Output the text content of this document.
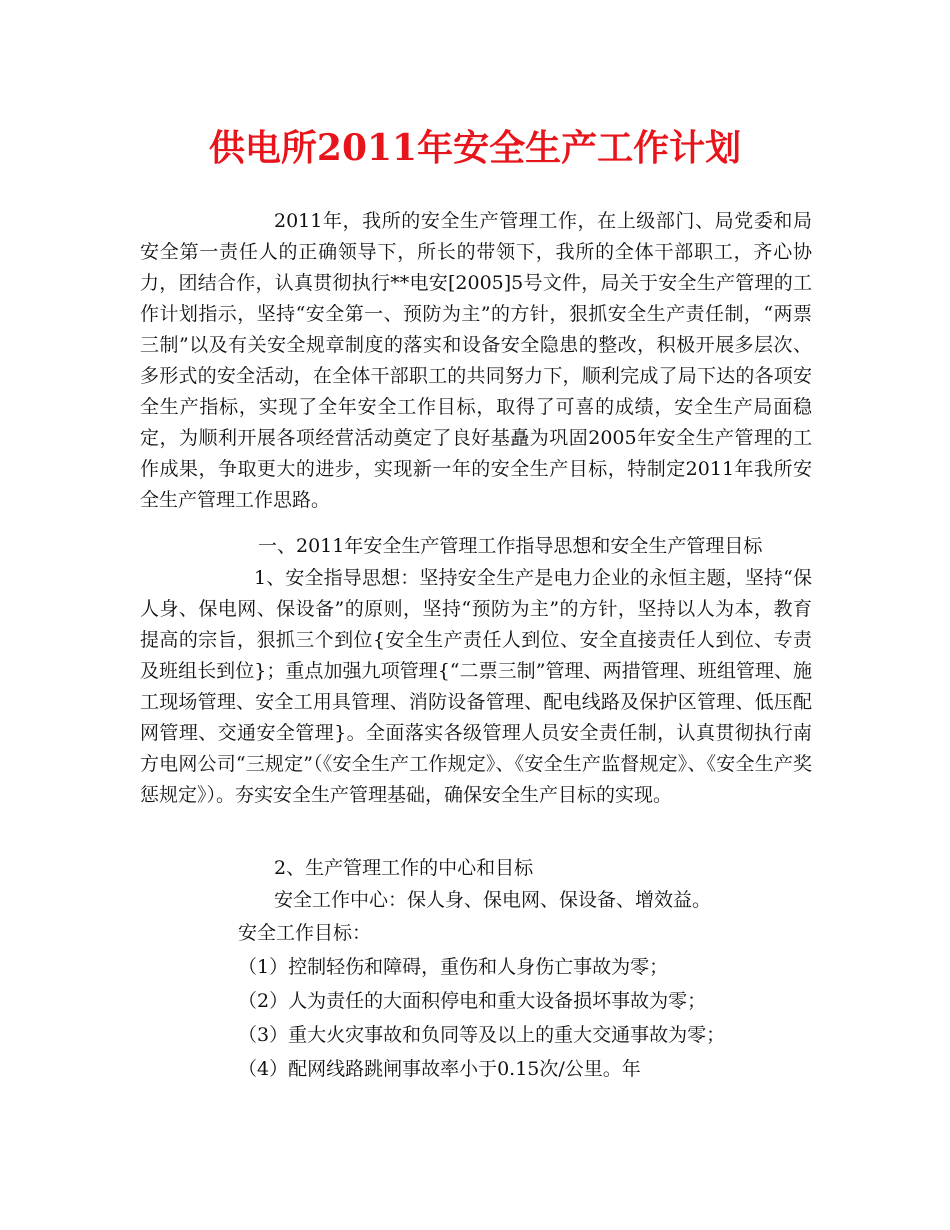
供电所2011年安全生产工作计划

2011年，我所的安全生产管理工作，在上级部门、局党委和局安全第一责任人的正确领导下，所长的带领下，我所的全体干部职工，齐心协力，团结合作，认真贯彻执行**电安[2005]5号文件，局关于安全生产管理的工作计划指示，坚持“安全第一、预防为主”的方针，狠抓安全生产责任制，“两票三制”以及有关安全规章制度的落实和设备安全隐患的整改，积极开展多层次、多形式的安全活动，在全体干部职工的共同努力下，顺利完成了局下达的各项安全生产指标，实现了全年安全工作目标，取得了可喜的成绩，安全生产局面稳定，为顺利开展各项经营活动奠定了良好基矗为巩固2005年安全生产管理的工作成果，争取更大的进步，实现新一年的安全生产目标，特制定2011年我所安全生产管理工作思路。

一、2011年安全生产管理工作指导思想和安全生产管理目标

1、安全指导思想：坚持安全生产是电力企业的永恒主题，坚持“保人身、保电网、保设备”的原则，坚持“预防为主”的方针，坚持以人为本，教育提高的宗旨，狠抓三个到位{安全生产责任人到位、安全直接责任人到位、专责及班组长到位}；重点加强九项管理{“二票三制”管理、两措管理、班组管理、施工现场管理、安全工用具管理、消防设备管理、配电线路及保护区管理、低压配网管理、交通安全管理}。全面落实各级管理人员安全责任制，认真贯彻执行南方电网公司“三规定”（《安全生产工作规定》、《安全生产监督规定》、《安全生产奖惩规定》）。夯实安全生产管理基础，确保安全生产目标的实现。

2、生产管理工作的中心和目标

安全工作中心：保人身、保电网、保设备、增效益。

安全工作目标：

（1）控制轻伤和障碍，重伤和人身伤亡事故为零；

（2）人为责任的大面积停电和重大设备损坏事故为零；

（3）重大火灾事故和负同等及以上的重大交通事故为零；

（4）配网线路跳闸事故率小于0.15次/公里。年
